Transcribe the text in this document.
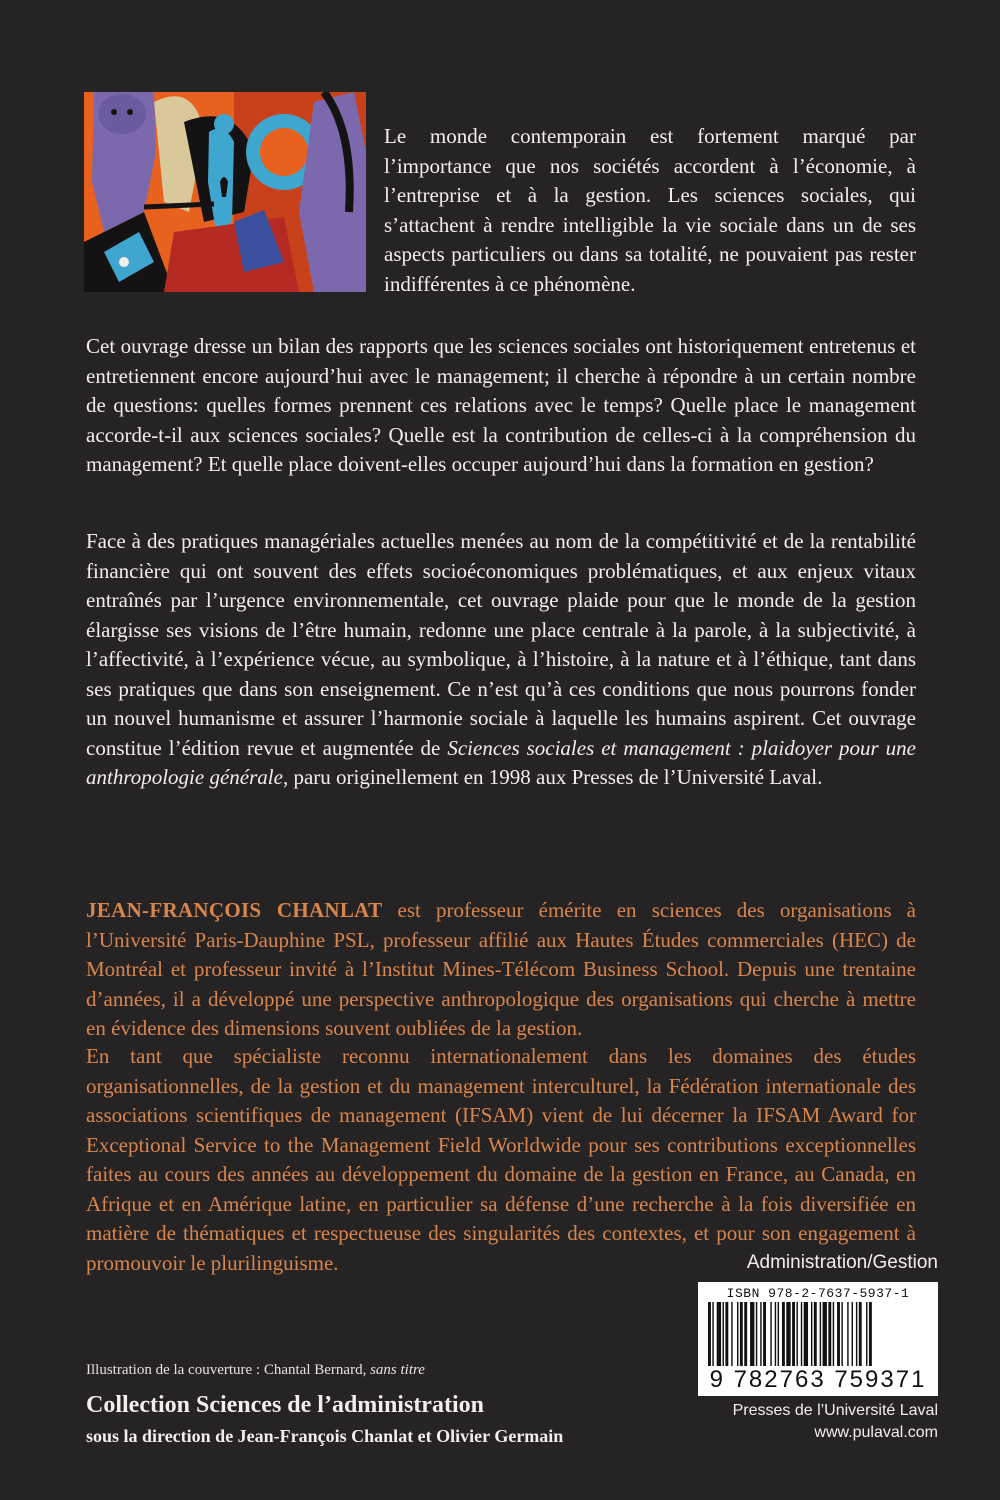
Le monde contemporain est fortement marqué par l’importance que nos sociétés accordent à l’économie, à l’entreprise et à la gestion. Les sciences sociales, qui s’attachent à rendre intelligible la vie sociale dans un de ses aspects particuliers ou dans sa totalité, ne pouvaient pas rester indifférentes à ce phénomène.

Cet ouvrage dresse un bilan des rapports que les sciences sociales ont historiquement entretenus et entretiennent encore aujourd’hui avec le management; il cherche à répondre à un certain nombre de questions: quelles formes prennent ces relations avec le temps? Quelle place le management accorde-t-il aux sciences sociales? Quelle est la contribution de celles-ci à la compréhension du management? Et quelle place doivent-elles occuper aujourd’hui dans la formation en gestion?

Face à des pratiques managériales actuelles menées au nom de la compétitivité et de la rentabilité financière qui ont souvent des effets socioéconomiques problématiques, et aux enjeux vitaux entraînés par l’urgence environnementale, cet ouvrage plaide pour que le monde de la gestion élargisse ses visions de l’être humain, redonne une place centrale à la parole, à la subjectivité, à l’affectivité, à l’expérience vécue, au symbolique, à l’histoire, à la nature et à l’éthique, tant dans ses pratiques que dans son enseignement. Ce n’est qu’à ces conditions que nous pourrons fonder un nouvel humanisme et assurer l’harmonie sociale à laquelle les humains aspirent. Cet ouvrage constitue l’édition revue et augmentée de Sciences sociales et management : plaidoyer pour une anthropologie générale, paru originellement en 1998 aux Presses de l’Université Laval.

JEAN-FRANÇOIS CHANLAT est professeur émérite en sciences des organisations à l’Université Paris-Dauphine PSL, professeur affilié aux Hautes Études commerciales (HEC) de Montréal et professeur invité à l’Institut Mines-Télécom Business School. Depuis une trentaine d’années, il a développé une perspective anthropologique des organisations qui cherche à mettre en évidence des dimensions souvent oubliées de la gestion.

En tant que spécialiste reconnu internationalement dans les domaines des études organisationnelles, de la gestion et du management interculturel, la Fédération internationale des associations scientifiques de management (IFSAM) vient de lui décerner la IFSAM Award for Exceptional Service to the Management Field Worldwide pour ses contributions exceptionnelles faites au cours des années au développement du domaine de la gestion en France, au Canada, en Afrique et en Amérique latine, en particulier sa défense d’une recherche à la fois diversifiée en matière de thématiques et respectueuse des singularités des contextes, et pour son engagement à promouvoir le plurilinguisme.	Administration/Gestion
ISBN 978-2-7637-5937-1
9 782763 759371
Presses de l’Université Laval
www.pulaval.com
Illustration de la couverture : Chantal Bernard, sans titre
Collection Sciences de l’administration
sous la direction de Jean-François Chanlat et Olivier Germain
